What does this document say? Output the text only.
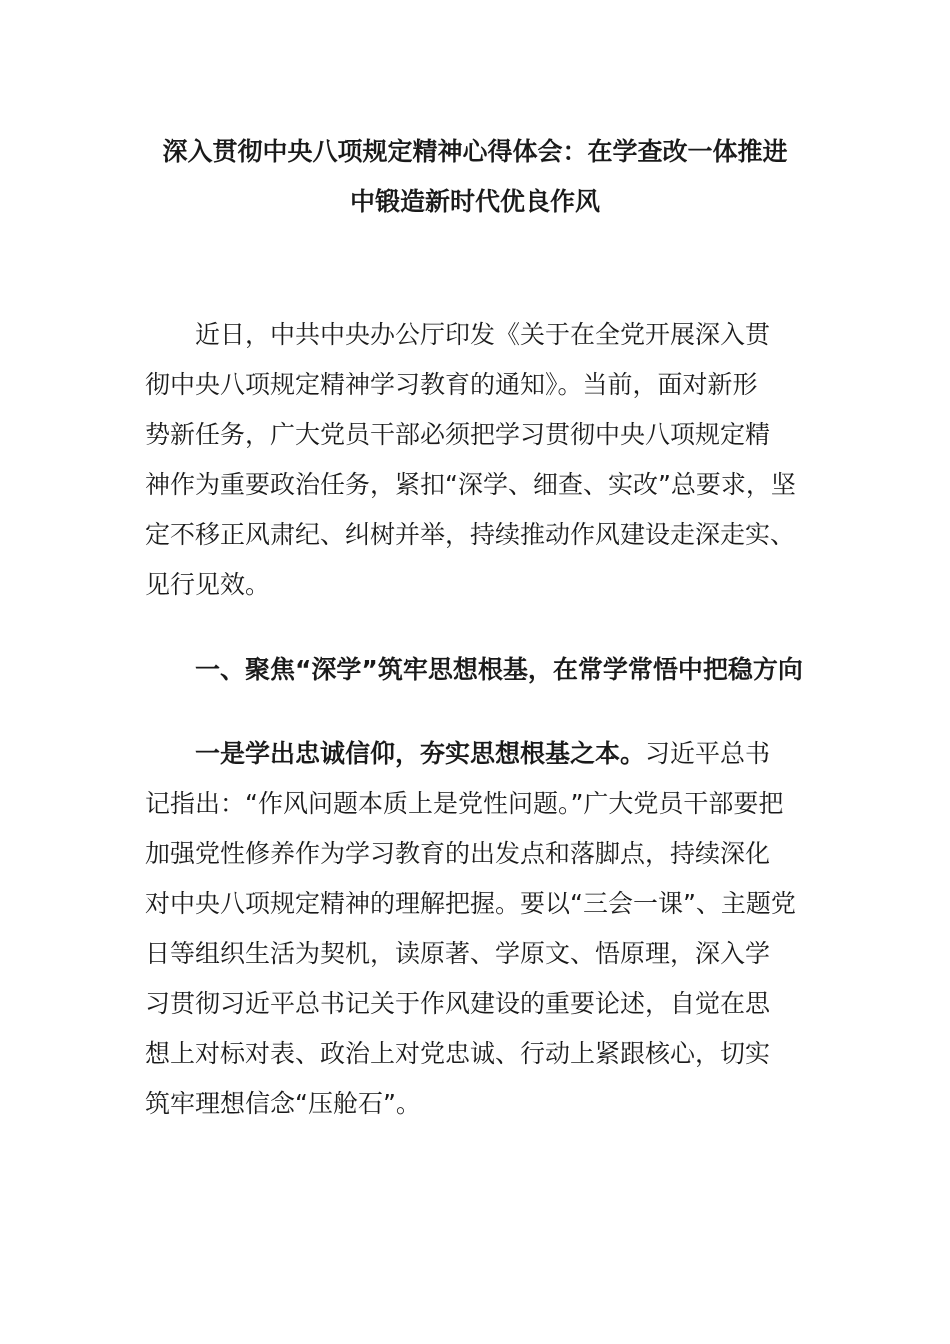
深入贯彻中央八项规定精神心得体会：在学查改一体推进
中锻造新时代优良作风
近日，中共中央办公厅印发《关于在全党开展深入贯
彻中央八项规定精神学习教育的通知》。当前，面对新形
势新任务，广大党员干部必须把学习贯彻中央八项规定精
神作为重要政治任务，紧扣“深学、细查、实改”总要求，坚
定不移正风肃纪、纠树并举，持续推动作风建设走深走实、
见行见效。
一、聚焦“深学”筑牢思想根基，在常学常悟中把稳方向
一是学出忠诚信仰，夯实思想根基之本。习近平总书
记指出：“作风问题本质上是党性问题。”广大党员干部要把
加强党性修养作为学习教育的出发点和落脚点，持续深化
对中央八项规定精神的理解把握。要以“三会一课”、主题党
日等组织生活为契机，读原著、学原文、悟原理，深入学
习贯彻习近平总书记关于作风建设的重要论述，自觉在思
想上对标对表、政治上对党忠诚、行动上紧跟核心，切实
筑牢理想信念“压舱石”。
